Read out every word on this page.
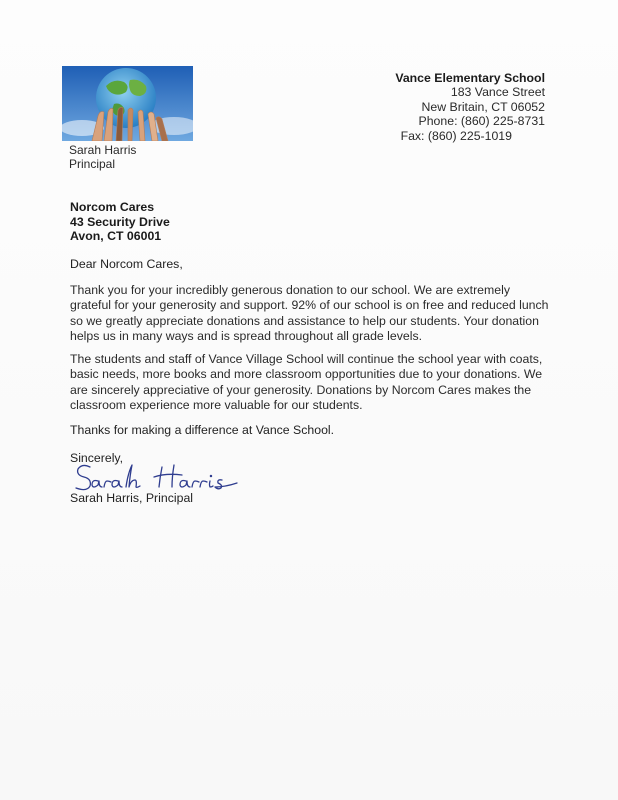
Sarah Harris
Principal
Vance Elementary School
183 Vance Street
New Britain, CT 06052
Phone: (860) 225-8731
Fax: (860) 225-1019
Norcom Cares
43 Security Drive
Avon, CT 06001
Dear Norcom Cares,
Thank you for your incredibly generous donation to our school. We are extremely grateful for your generosity and support. 92% of our school is on free and reduced lunch so we greatly appreciate donations and assistance to help our students. Your donation helps us in many ways and is spread throughout all grade levels.
The students and staff of Vance Village School will continue the school year with coats, basic needs, more books and more classroom opportunities due to your donations. We are sincerely appreciative of your generosity. Donations by Norcom Cares makes the classroom experience more valuable for our students.
Thanks for making a difference at Vance School.
Sincerely,
Sarah Harris, Principal
